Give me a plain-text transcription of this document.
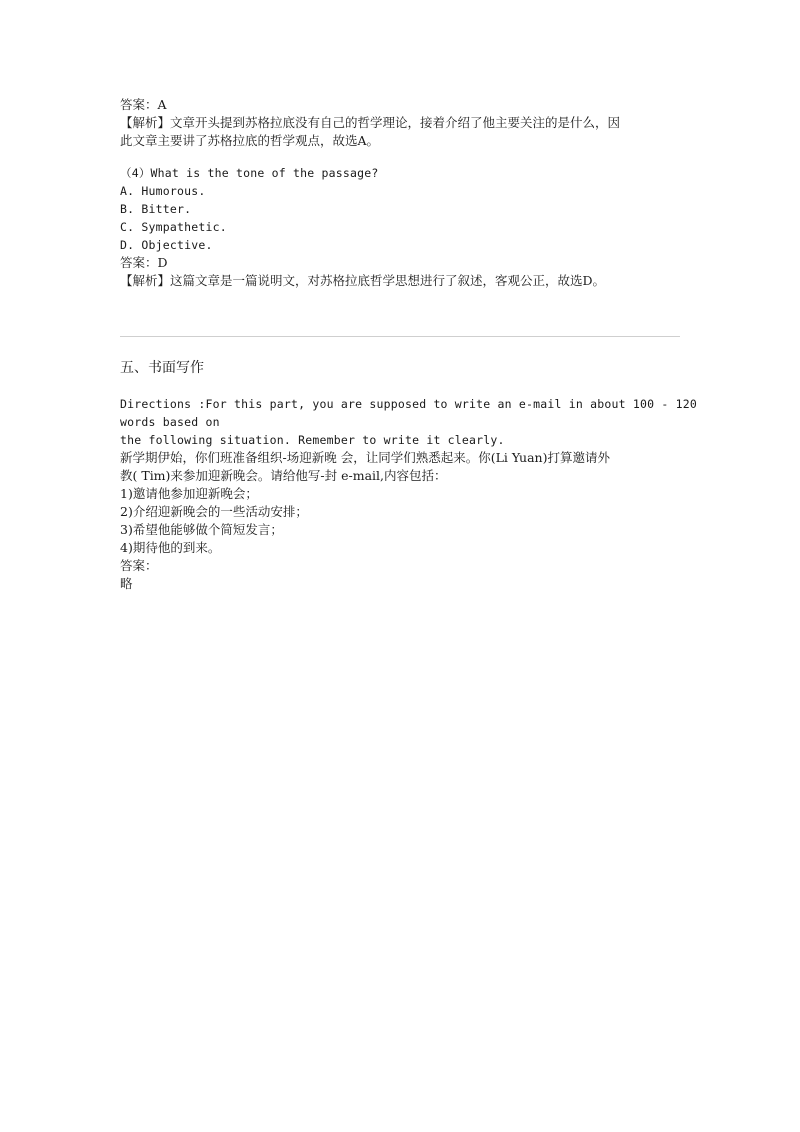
答案：A
【解析】文章开头提到苏格拉底没有自己的哲学理论，接着介绍了他主要关注的是什么，因
此文章主要讲了苏格拉底的哲学观点，故选A。
（4）What is the tone of the passage?
A. Humorous.
B. Bitter.
C. Sympathetic.
D. Objective.
答案：D
【解析】这篇文章是一篇说明文，对苏格拉底哲学思想进行了叙述，客观公正，故选D。
五、书面写作
Directions :For this part, you are supposed to write an e-mail in about 100 - 120
words based on
the following situation. Remember to write it clearly.
新学期伊始，你们班准备组织-场迎新晚 会，让同学们熟悉起来。你(Li Yuan)打算邀请外
教( Tim)来参加迎新晚会。请给他写-封 e-mail,内容包括：
1)邀请他参加迎新晚会；
2)介绍迎新晚会的一些活动安排；
3)希望他能够做个简短发言；
4)期待他的到来。
答案：
略
